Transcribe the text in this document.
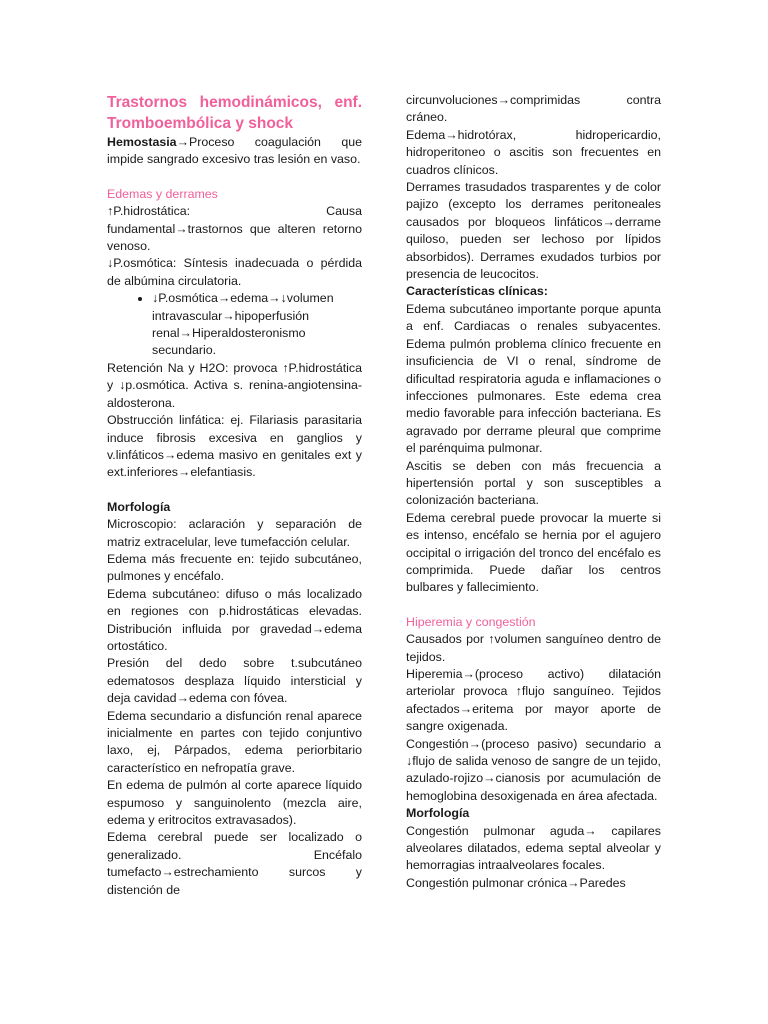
Trastornos hemodinámicos, enf. Tromboembólica y shock

Hemostasia→Proceso coagulación que impide sangrado excesivo tras lesión en vaso.

Edemas y derrames

↑P.hidrostática: Causa fundamental→trastornos que alteren retorno venoso.

↓P.osmótica: Síntesis inadecuada o pérdida de albúmina circulatoria.

• ↓P.osmótica→edema→↓volumen intravascular→hipoperfusión renal→Hiperaldosteronismo secundario.

Retención Na y H2O: provoca ↑P.hidrostática y ↓p.osmótica. Activa s. renina-angiotensina-aldosterona.

Obstrucción linfática: ej. Filariasis parasitaria induce fibrosis excesiva en ganglios y v.linfáticos→edema masivo en genitales ext y ext.inferiores→elefantiasis.

Morfología

Microscopio: aclaración y separación de matriz extracelular, leve tumefacción celular.

Edema más frecuente en: tejido subcutáneo, pulmones y encéfalo.

Edema subcutáneo: difuso o más localizado en regiones con p.hidrostáticas elevadas. Distribución influida por gravedad→edema ortostático.

Presión del dedo sobre t.subcutáneo edematosos desplaza líquido intersticial y deja cavidad→edema con fóvea.

Edema secundario a disfunción renal aparece inicialmente en partes con tejido conjuntivo laxo, ej, Párpados, edema periorbitario característico en nefropatía grave.

En edema de pulmón al corte aparece líquido espumoso y sanguinolento (mezcla aire, edema y eritrocitos extravasados).

Edema cerebral puede ser localizado o generalizado. Encéfalo tumefacto→estrechamiento surcos y distención de

circunvoluciones→comprimidas contra cráneo.

Edema→hidrotórax, hidropericardio, hidroperitoneo o ascitis son frecuentes en cuadros clínicos.

Derrames trasudados trasparentes y de color pajizo (excepto los derrames peritoneales causados por bloqueos linfáticos→derrame quiloso, pueden ser lechoso por lípidos absorbidos). Derrames exudados turbios por presencia de leucocitos.

Características clínicas:

Edema subcutáneo importante porque apunta a enf. Cardiacas o renales subyacentes. Edema pulmón problema clínico frecuente en insuficiencia de VI o renal, síndrome de dificultad respiratoria aguda e inflamaciones o infecciones pulmonares. Este edema crea medio favorable para infección bacteriana. Es agravado por derrame pleural que comprime el parénquima pulmonar.

Ascitis se deben con más frecuencia a hipertensión portal y son susceptibles a colonización bacteriana.

Edema cerebral puede provocar la muerte si es intenso, encéfalo se hernia por el agujero occipital o irrigación del tronco del encéfalo es comprimida. Puede dañar los centros bulbares y fallecimiento.

Hiperemia y congestión

Causados por ↑volumen sanguíneo dentro de tejidos.

Hiperemia→(proceso activo) dilatación arteriolar provoca ↑flujo sanguíneo. Tejidos afectados→eritema por mayor aporte de sangre oxigenada.

Congestión→(proceso pasivo) secundario a ↓flujo de salida venoso de sangre de un tejido, azulado-rojizo→cianosis por acumulación de hemoglobina desoxigenada en área afectada.

Morfología

Congestión pulmonar aguda→ capilares alveolares dilatados, edema septal alveolar y hemorragias intraalveolares focales.

Congestión pulmonar crónica→Paredes
